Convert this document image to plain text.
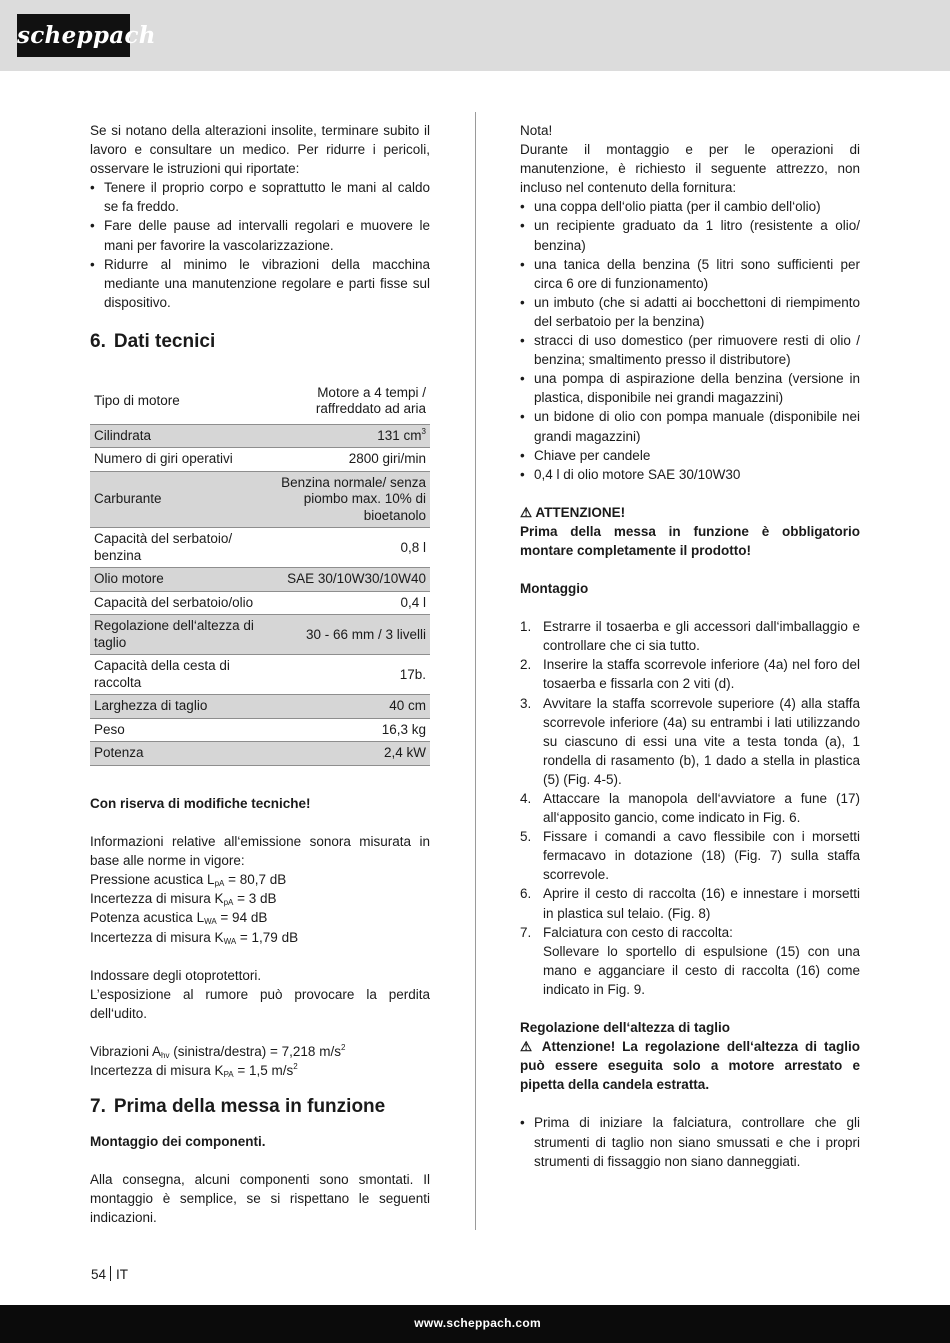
scheppach

Se si notano della alterazioni insolite, terminare subito il lavoro e consultare un medico. Per ridurre i pericoli, osservare le istruzioni qui riportate:

• Tenere il proprio corpo e soprattutto le mani al caldo se fa freddo.
• Fare delle pause ad intervalli regolari e muovere le mani per favorire la vascolarizzazione.
• Ridurre al minimo le vibrazioni della macchina mediante una manutenzione regolare e parti fisse sul dispositivo.
6. Dati tecnici
Tipo di motore	Motore a 4 tempi / raffreddato ad aria
Cilindrata	131 $cm^3$
Numero di giri operativi	2800 giri/min
Carburante	Benzina normale/ senza piombo max. 10% di bioetanolo
Capacità del serbatoio/ benzina	0,8 l
Olio motore	SAE 30/10W30/10W40
Capacità del serbatoio/olio	0,4 l
Regolazione dell‘altezza di taglio	30 - 66 mm / 3 livelli
Capacità della cesta di raccolta	17b.
Larghezza di taglio	40 cm
Peso	16,3 kg
Potenza	2,4 kW

Con riserva di modifiche tecniche!

Informazioni relative all‘emissione sonora misurata in base alle norme in vigore:

Pressione acustica $L_{pA} = 80,7$ dB

Incertezza di misura $K_{pA} = 3$ dB

Potenza acustica $L_{WA} = 94$ dB

Incertezza di misura $K_{WA} = 1,79$ dB

Indossare degli otoprotettori.

L’esposizione al rumore può provocare la perdita dell‘udito.

Vibrazioni $A_{hv}$ (sinistra/destra) = 7,218 $m/s^2$

Incertezza di misura $K_{PA} = 1,5$ $m/s^2$

7. Prima della messa in funzione

Montaggio dei componenti.

Alla consegna, alcuni componenti sono smontati. Il montaggio è semplice, se si rispettano le seguenti indicazioni.

Nota!

Durante il montaggio e per le operazioni di manutenzione, è richiesto il seguente attrezzo, non incluso nel contenuto della fornitura:

• una coppa dell‘olio piatta (per il cambio dell‘olio)
• un recipiente graduato da 1 litro (resistente a olio/ benzina)
• una tanica della benzina (5 litri sono sufficienti per circa 6 ore di funzionamento)
• un imbuto (che si adatti ai bocchettoni di riempimento del serbatoio per la benzina)
• stracci di uso domestico (per rimuovere resti di olio / benzina; smaltimento presso il distributore)
• una pompa di aspirazione della benzina (versione in plastica, disponibile nei grandi magazzini)
• un bidone di olio con pompa manuale (disponibile nei grandi magazzini)
• Chiave per candele
• 0,4 l di olio motore SAE 30/10W30

⚠ ATTENZIONE!

Prima della messa in funzione è obbligatorio montare completamente il prodotto!

Montaggio

1. Estrarre il tosaerba e gli accessori dall‘imballaggio e controllare che ci sia tutto.
2. Inserire la staffa scorrevole inferiore (4a) nel foro del tosaerba e fissarla con 2 viti (d).
3. Avvitare la staffa scorrevole superiore (4) alla staffa scorrevole inferiore (4a) su entrambi i lati utilizzando su ciascuno di essi una vite a testa tonda (a), 1 rondella di rasamento (b), 1 dado a stella in plastica (5) (Fig. 4-5).
4. Attaccare la manopola dell‘avviatore a fune (17) all‘apposito gancio, come indicato in Fig. 6.
5. Fissare i comandi a cavo flessibile con i morsetti fermacavo in dotazione (18) (Fig. 7) sulla staffa scorrevole.
6. Aprire il cesto di raccolta (16) e innestare i morsetti in plastica sul telaio. (Fig. 8)
7. Falciatura con cesto di raccolta:
Sollevare lo sportello di espulsione (15) con una mano e agganciare il cesto di raccolta (16) come indicato in Fig. 9.

Regolazione dell‘altezza di taglio

⚠ Attenzione! La regolazione dell‘altezza di taglio può essere eseguita solo a motore arrestato e pipetta della candela estratta.

• Prima di iniziare la falciatura, controllare che gli strumenti di taglio non siano smussati e che i propri strumenti di fissaggio non siano danneggiati.
54 IT
www.scheppach.com
